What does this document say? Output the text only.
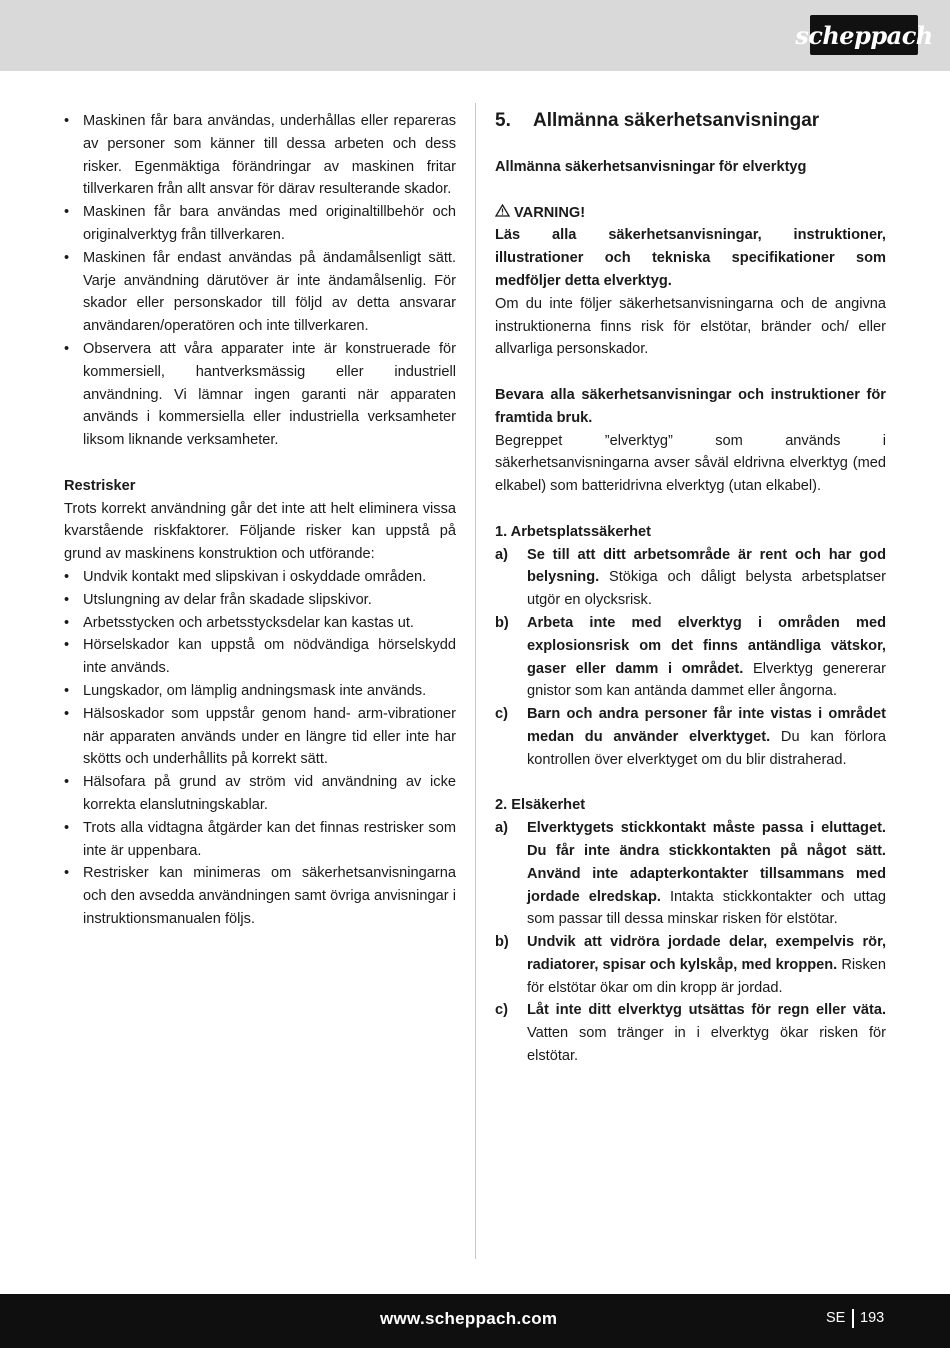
scheppach
• Maskinen får bara användas, underhållas eller repareras av personer som känner till dessa arbeten och dess risker. Egenmäktiga förändringar av maskinen fritar tillverkaren från allt ansvar för därav resulterande skador.
• Maskinen får bara användas med originaltillbehör och originalverktyg från tillverkaren.
• Maskinen får endast användas på ändamålsenligt sätt. Varje användning därutöver är inte ändamålsenlig. För skador eller personskador till följd av detta ansvarar användaren/operatören och inte tillverkaren.
• Observera att våra apparater inte är konstruerade för kommersiell, hantverksmässig eller industriell användning. Vi lämnar ingen garanti när apparaten används i kommersiella eller industriella verksamheter liksom liknande verksamheter.
Restrisker
Trots korrekt användning går det inte att helt eliminera vissa kvarstående riskfaktorer. Följande risker kan uppstå på grund av maskinens konstruktion och utförande:
• Undvik kontakt med slipskivan i oskyddade områden.
• Utslungning av delar från skadade slipskivor.
• Arbetsstycken och arbetsstycksdelar kan kastas ut.
• Hörselskador kan uppstå om nödvändiga hörselskydd inte används.
• Lungskador, om lämplig andningsmask inte används.
• Hälsoskador som uppstår genom hand- arm-vibrationer när apparaten används under en längre tid eller inte har skötts och underhållits på korrekt sätt.
• Hälsofara på grund av ström vid användning av icke korrekta elanslutningskablar.
• Trots alla vidtagna åtgärder kan det finnas restrisker som inte är uppenbara.
• Restrisker kan minimeras om säkerhetsanvisningarna och den avsedda användningen samt övriga anvisningar i instruktionsmanualen följs.
5.	Allmänna säkerhetsanvisningar
Allmänna säkerhetsanvisningar för elverktyg
VARNING!
Läs alla säkerhetsanvisningar, instruktioner, illustrationer och tekniska specifikationer som medföljer detta elverktyg.
Om du inte följer säkerhetsanvisningarna och de angivna instruktionerna finns risk för elstötar, bränder och/ eller allvarliga personskador.
Bevara alla säkerhetsanvisningar och instruktioner för framtida bruk.
Begreppet ”elverktyg” som används i säkerhetsanvisningarna avser såväl eldrivna elverktyg (med elkabel) som batteridrivna elverktyg (utan elkabel).
1. Arbetsplatssäkerhet
a) Se till att ditt arbetsområde är rent och har god belysning. Stökiga och dåligt belysta arbetsplatser utgör en olycksrisk.
b) Arbeta inte med elverktyg i områden med explosionsrisk om det finns antändliga vätskor, gaser eller damm i området. Elverktyg genererar gnistor som kan antända dammet eller ångorna.
c) Barn och andra personer får inte vistas i området medan du använder elverktyget. Du kan förlora kontrollen över elverktyget om du blir distraherad.
2. Elsäkerhet
a) Elverktygets stickkontakt måste passa i eluttaget. Du får inte ändra stickkontakten på något sätt. Använd inte adapterkontakter tillsammans med jordade elredskap. Intakta stickkontakter och uttag som passar till dessa minskar risken för elstötar.
b) Undvik att vidröra jordade delar, exempelvis rör, radiatorer, spisar och kylskåp, med kroppen. Risken för elstötar ökar om din kropp är jordad.
c) Låt inte ditt elverktyg utsättas för regn eller väta. Vatten som tränger in i elverktyg ökar risken för elstötar.
www.scheppach.com	SE 193
